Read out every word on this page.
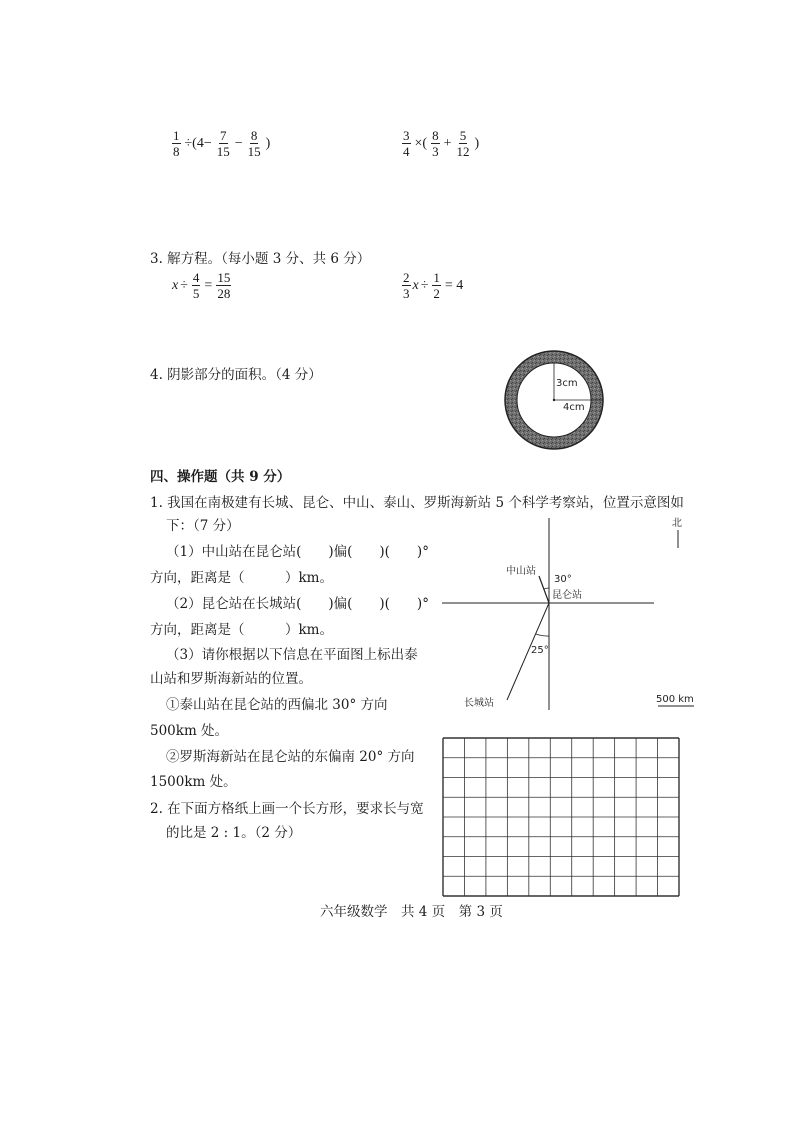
$\frac{1}{8} \div(4- \frac{7}{15} - \frac{8}{15}$ )	$\frac{3}{4}$ ×( $\frac{8}{3} + \frac{5}{12}$ )
3. 解方程。（每小题 3 分、共 6 分）
$x \div \frac{4}{5} = \frac{15}{28}$	$\frac{2}{3}$ $x \div \frac{1}{2} = 4$
4. 阴影部分的面积。（4 分）
3cm
4cm
四、操作题（共 9 分）
1. 我国在南极建有长城、昆仑、中山、泰山、罗斯海新站 5 个科学考察站，位置示意图如
下：（7 分）
（1）中山站在昆仑站(　　)偏(　　)(　　)°
方向，距离是（　　　）km。
（2）昆仑站在长城站(　　)偏(　　)(　　)°
方向，距离是（　　　）km。
（3）请你根据以下信息在平面图上标出泰
山站和罗斯海新站的位置。
①泰山站在昆仑站的西偏北 30° 方向
500km 处。
②罗斯海新站在昆仑站的东偏南 20° 方向
1500km 处。
2. 在下面方格纸上画一个长方形，要求长与宽
的比是 2 : 1。（2 分）
北
中山站
昆仑站
长城站
30°
25°
500 km
六年级数学　共 4 页　第 3 页
